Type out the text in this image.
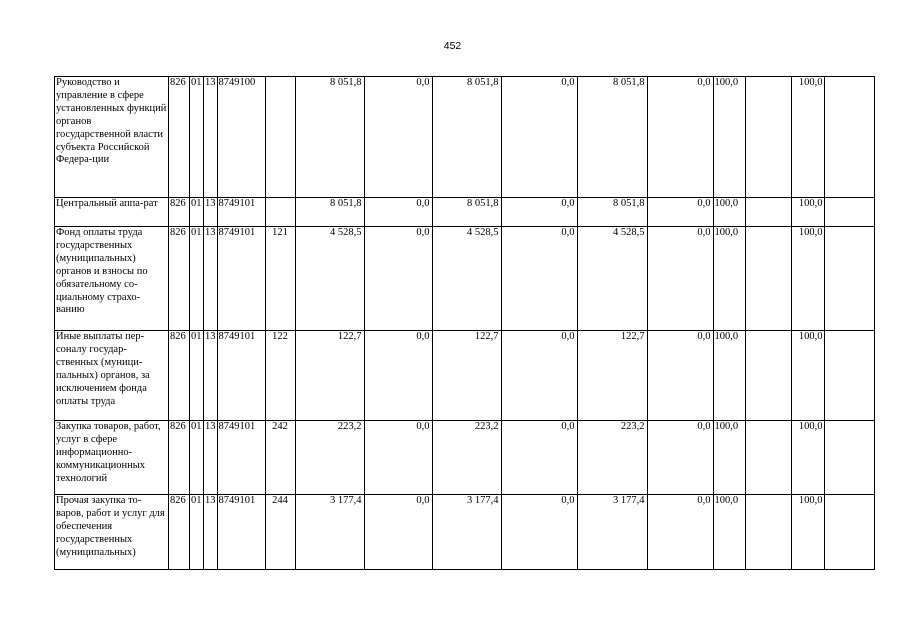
452
Руководство и управление в сфере установленных функций органов государственной власти субъекта Российской Федера-ции	826	01	13	8749100		8 051,8	0,0	8 051,8	0,0	8 051,8	0,0	100,0		100,0	
Центральный аппа-рат	826	01	13	8749101		8 051,8	0,0	8 051,8	0,0	8 051,8	0,0	100,0		100,0	
Фонд оплаты труда государственных (муниципальных) органов и взносы по обязательному со-циальному страхо-ванию	826	01	13	8749101	121	4 528,5	0,0	4 528,5	0,0	4 528,5	0,0	100,0		100,0	
Иные выплаты пер-соналу государ-ственных (муници-пальных) органов, за исключением фонда оплаты труда	826	01	13	8749101	122	122,7	0,0	122,7	0,0	122,7	0,0	100,0		100,0	
Закупка товаров, работ, услуг в сфере информационно-коммуникационных технологий	826	01	13	8749101	242	223,2	0,0	223,2	0,0	223,2	0,0	100,0		100,0	
Прочая закупка то-варов, работ и услуг для обеспечения государственных (муниципальных)	826	01	13	8749101	244	3 177,4	0,0	3 177,4	0,0	3 177,4	0,0	100,0		100,0	
